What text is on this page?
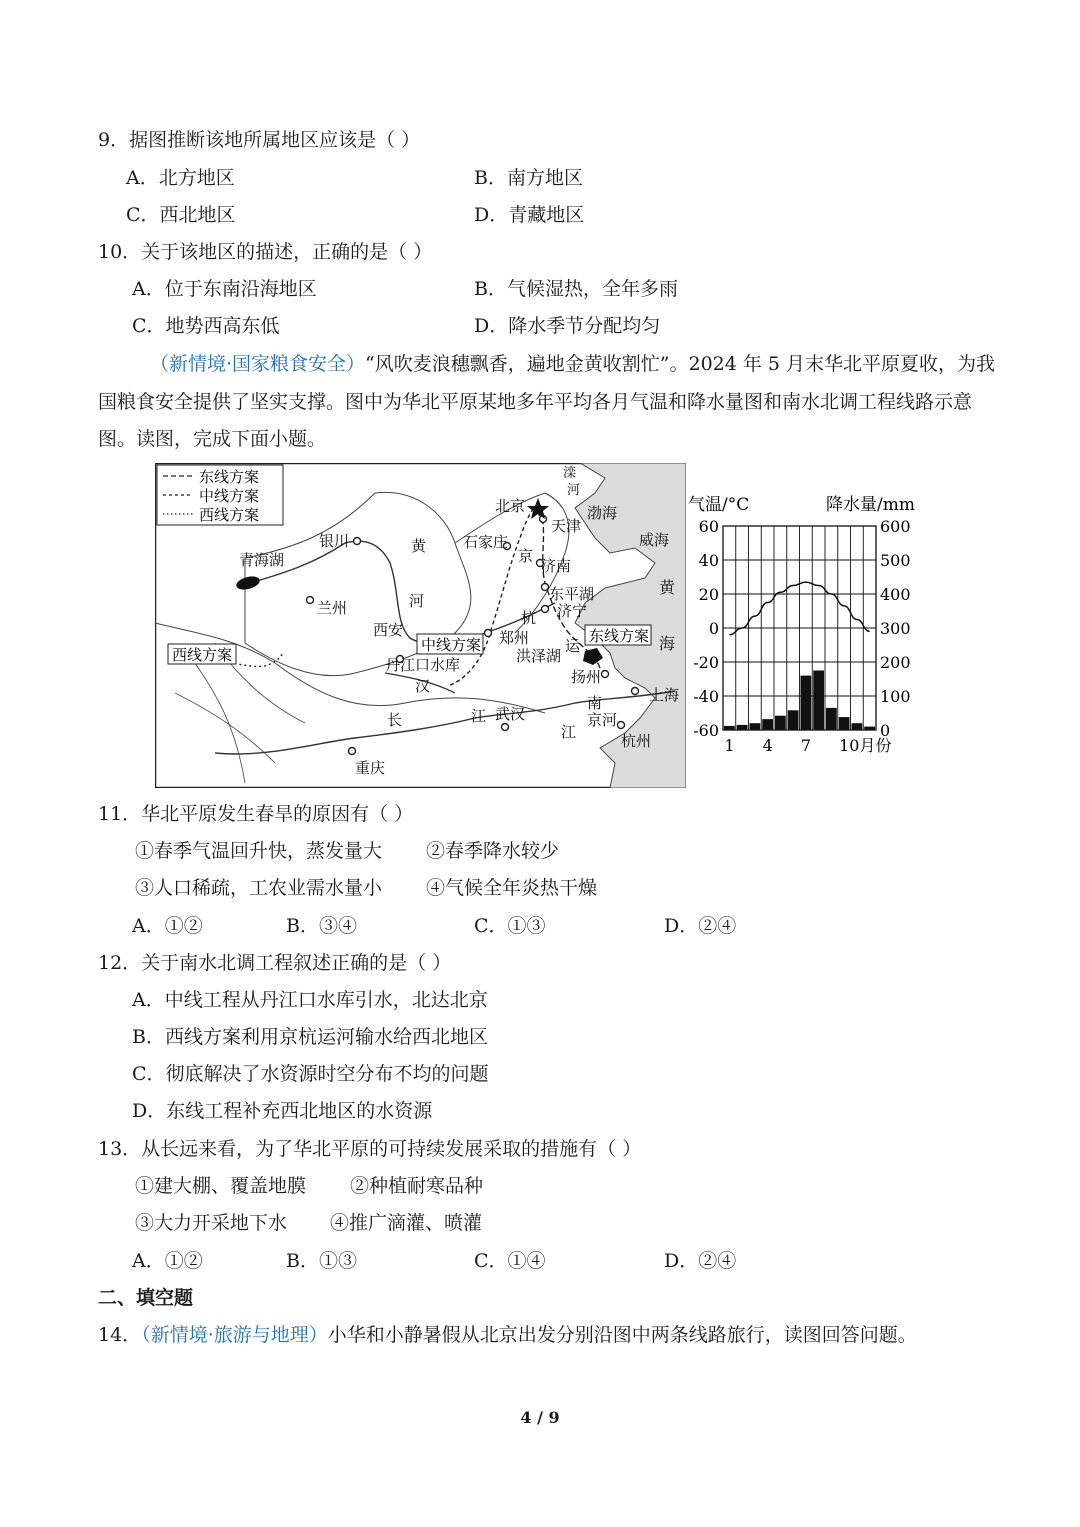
9．据图推断该地所属地区应该是（ ）
A．北方地区	B．南方地区
C．西北地区	D．青藏地区
10．关于该地区的描述，正确的是（ ）
A．位于东南沿海地区	B．气候湿热，全年多雨
C．地势西高东低	D．降水季节分配均匀
（新情境·国家粮食安全）“风吹麦浪穗飘香，遍地金黄收割忙”。2024 年 5 月末华北平原夏收，为我
国粮食安全提供了坚实支撑。图中为华北平原某地多年平均各月气温和降水量图和南水北调工程线路示意
图。读图，完成下面小题。
东线方案
中线方案
西线方案
中线方案	东线方案
西线方案
青海湖
银川
兰州
西安
北京
天津
石家庄
济南
东平湖
济宁
郑州
洪泽湖
丹江口水库
扬州
上海
杭州
武汉
重庆
威海
渤海
南
京河
滦
河
黄
河
京
杭
运
汉
长	江
江
黄
海
气温/°C	降水量/mm
60
40
20
0
-20
-40
-60
600
500
400
300
200
100
0
1 4 7 10月份
11．华北平原发生春旱的原因有（ ）
①春季气温回升快，蒸发量大 ②春季降水较少
③人口稀疏，工农业需水量小 ④气候全年炎热干燥
A．①②	B．③④	C．①③	D．②④
12．关于南水北调工程叙述正确的是（ ）
A．中线工程从丹江口水库引水，北达北京
B．西线方案利用京杭运河输水给西北地区
C．彻底解决了水资源时空分布不均的问题
D．东线工程补充西北地区的水资源
13．从长远来看，为了华北平原的可持续发展采取的措施有（ ）
①建大棚、覆盖地膜 ②种植耐寒品种
③大力开采地下水 ④推广滴灌、喷灌
A．①②	B．①③	C．①④	D．②④
二、填空题
14．（新情境·旅游与地理）小华和小静暑假从北京出发分别沿图中两条线路旅行，读图回答问题。
4 / 9
